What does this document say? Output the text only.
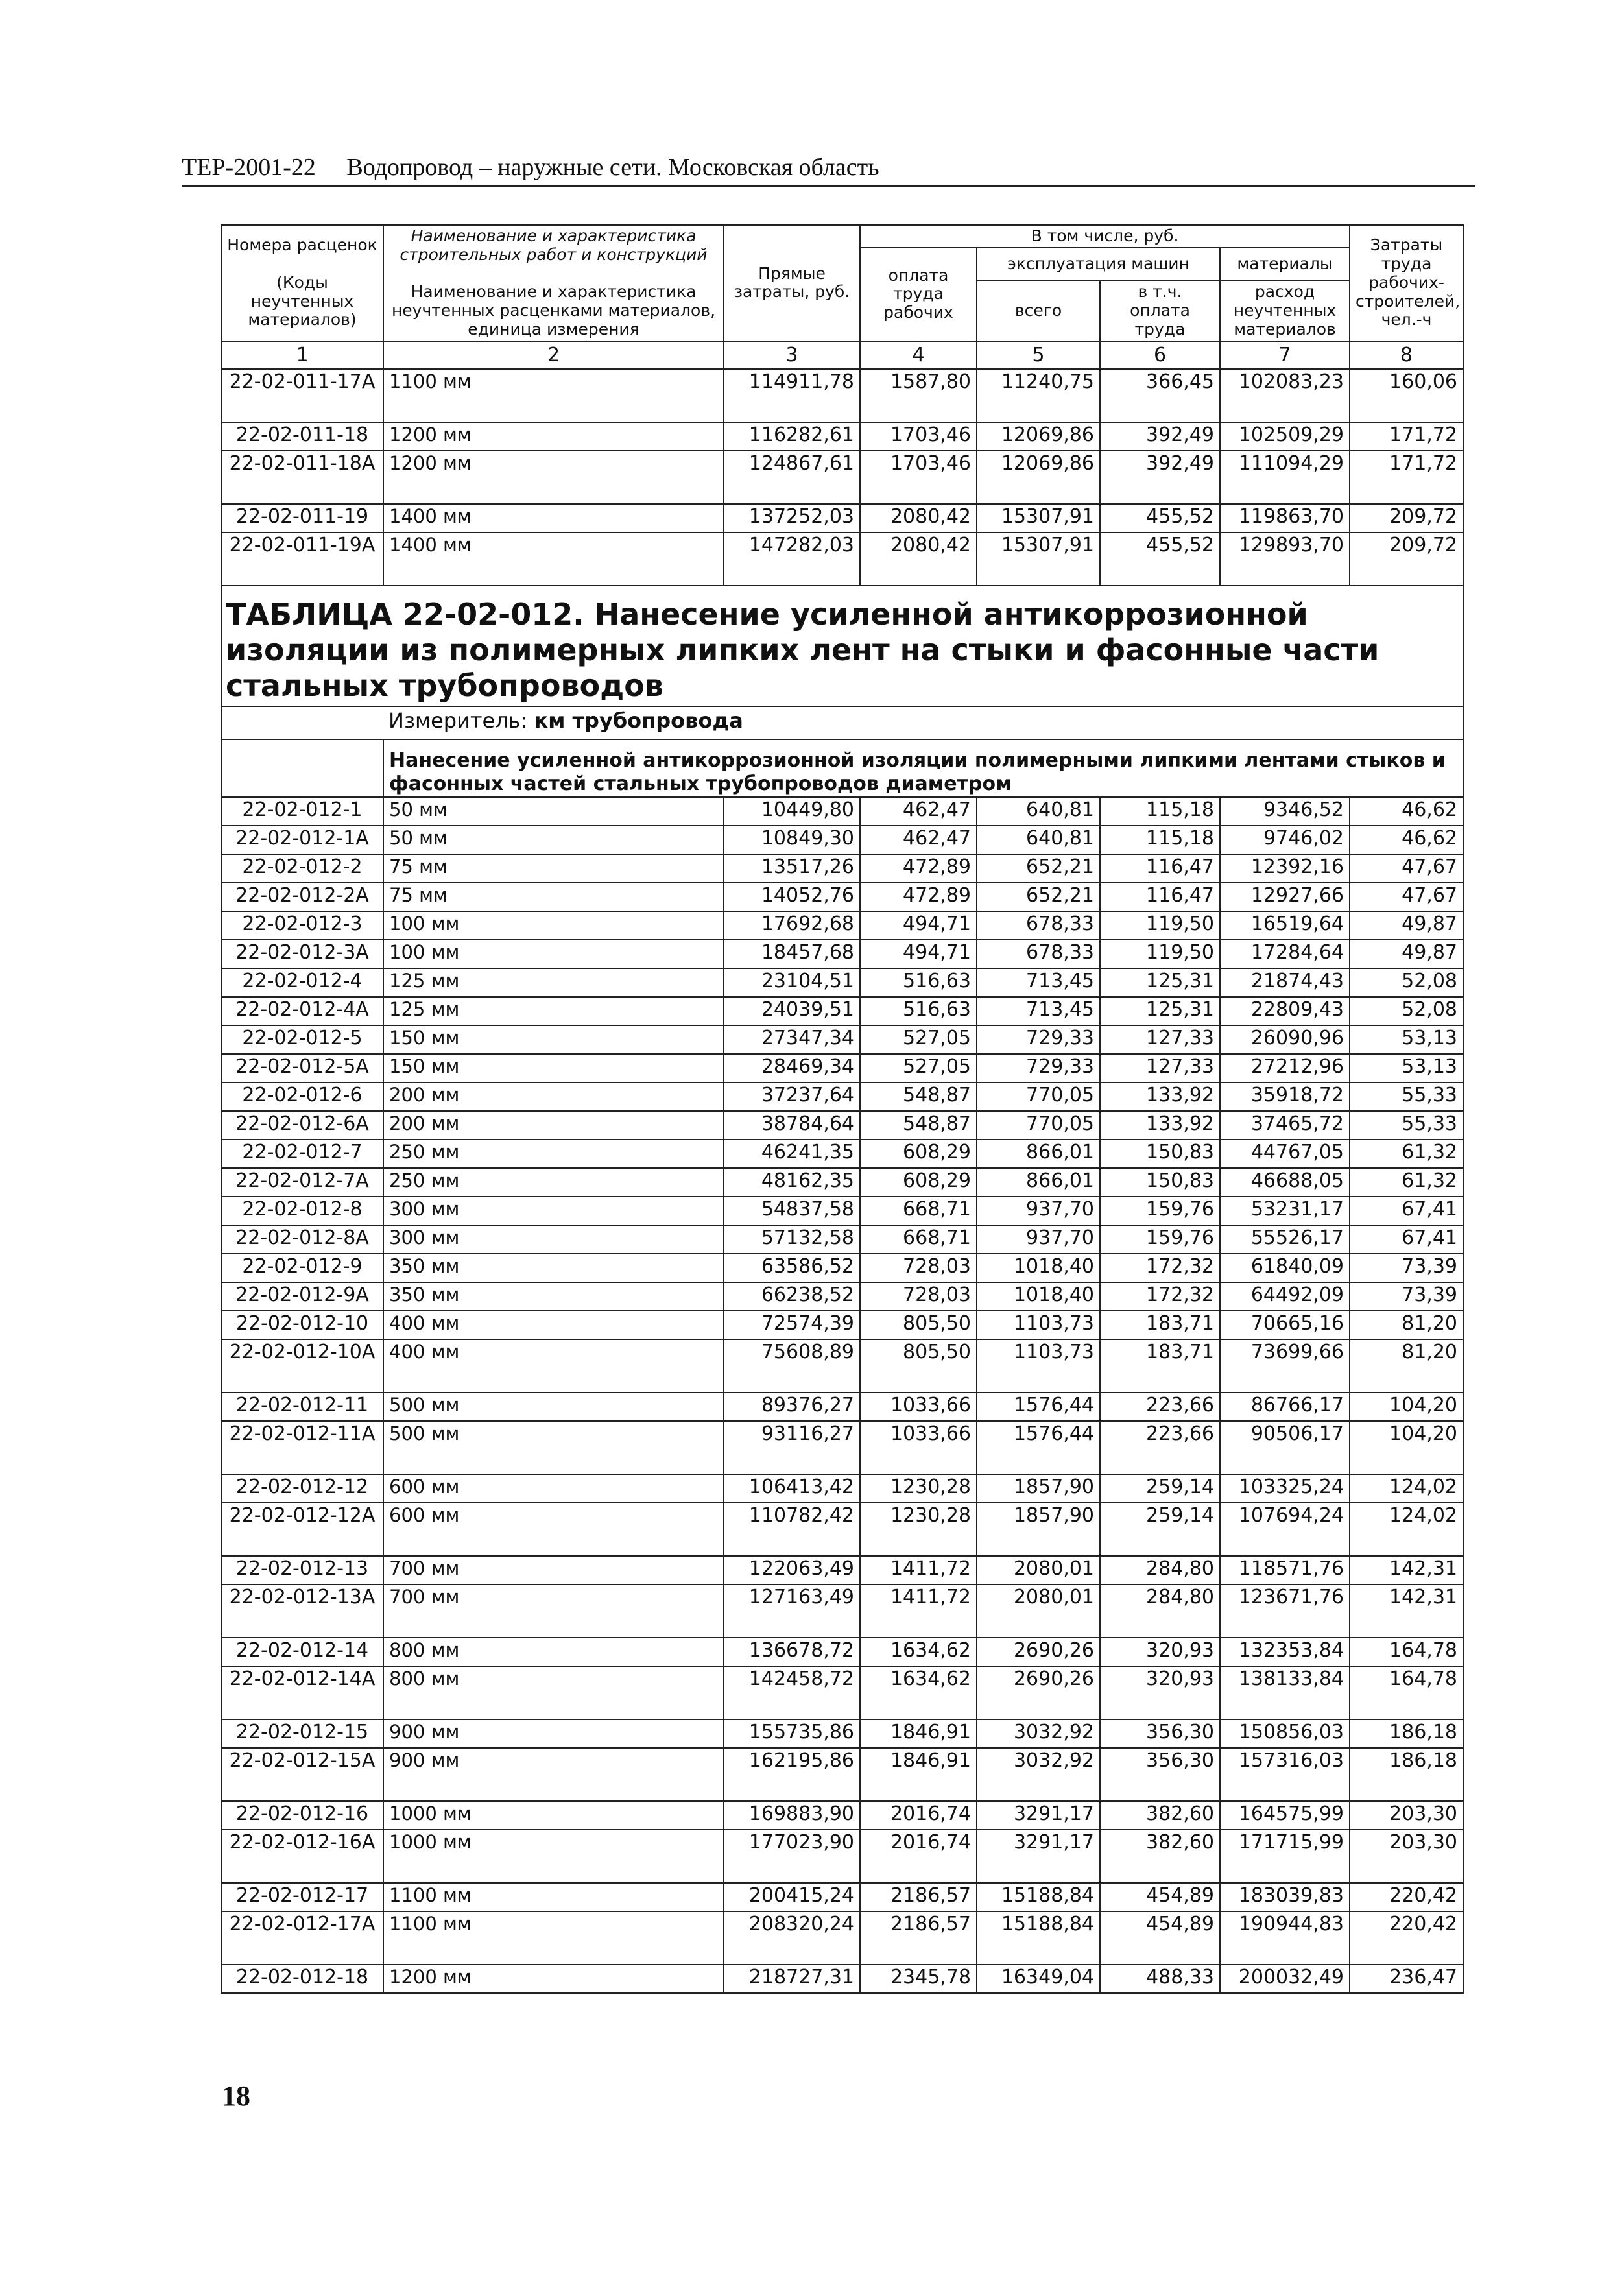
ТЕР-2001-22 Водопровод – наружные сети. Московская область
Номера расценок

(Коды неучтенных материалов)	Наименование и характеристика строительных работ и конструкций

Наименование и характеристика неучтенных расценками материалов, единица измерения	Прямые затраты, руб.	В том числе, руб.				Затраты труда рабочих-строителей, чел.-ч
			оплата труда рабочих	эксплуатация машин		материалы	
				всего	в т.ч. оплата труда	расход неучтенных материалов	
1	2	3	4	5	6	7	8
22-02-011-17А	1100 мм	114911,78	1587,80	11240,75	366,45	102083,23	160,06
22-02-011-18	1200 мм	116282,61	1703,46	12069,86	392,49	102509,29	171,72
22-02-011-18А	1200 мм	124867,61	1703,46	12069,86	392,49	111094,29	171,72
22-02-011-19	1400 мм	137252,03	2080,42	15307,91	455,52	119863,70	209,72
22-02-011-19А	1400 мм	147282,03	2080,42	15307,91	455,52	129893,70	209,72
ТАБЛИЦА 22-02-012. Нанесение усиленной антикоррозионной изоляции из полимерных липких лент на стыки и фасонные части стальных трубопроводов							
	Измеритель: км трубопровода						
	Нанесение усиленной антикоррозионной изоляции полимерными липкими лентами стыков и фасонных частей стальных трубопроводов диаметром						
22-02-012-1	50 мм	10449,80	462,47	640,81	115,18	9346,52	46,62
22-02-012-1А	50 мм	10849,30	462,47	640,81	115,18	9746,02	46,62
22-02-012-2	75 мм	13517,26	472,89	652,21	116,47	12392,16	47,67
22-02-012-2А	75 мм	14052,76	472,89	652,21	116,47	12927,66	47,67
22-02-012-3	100 мм	17692,68	494,71	678,33	119,50	16519,64	49,87
22-02-012-3А	100 мм	18457,68	494,71	678,33	119,50	17284,64	49,87
22-02-012-4	125 мм	23104,51	516,63	713,45	125,31	21874,43	52,08
22-02-012-4А	125 мм	24039,51	516,63	713,45	125,31	22809,43	52,08
22-02-012-5	150 мм	27347,34	527,05	729,33	127,33	26090,96	53,13
22-02-012-5А	150 мм	28469,34	527,05	729,33	127,33	27212,96	53,13
22-02-012-6	200 мм	37237,64	548,87	770,05	133,92	35918,72	55,33
22-02-012-6А	200 мм	38784,64	548,87	770,05	133,92	37465,72	55,33
22-02-012-7	250 мм	46241,35	608,29	866,01	150,83	44767,05	61,32
22-02-012-7А	250 мм	48162,35	608,29	866,01	150,83	46688,05	61,32
22-02-012-8	300 мм	54837,58	668,71	937,70	159,76	53231,17	67,41
22-02-012-8А	300 мм	57132,58	668,71	937,70	159,76	55526,17	67,41
22-02-012-9	350 мм	63586,52	728,03	1018,40	172,32	61840,09	73,39
22-02-012-9А	350 мм	66238,52	728,03	1018,40	172,32	64492,09	73,39
22-02-012-10	400 мм	72574,39	805,50	1103,73	183,71	70665,16	81,20
22-02-012-10А	400 мм	75608,89	805,50	1103,73	183,71	73699,66	81,20
22-02-012-11	500 мм	89376,27	1033,66	1576,44	223,66	86766,17	104,20
22-02-012-11А	500 мм	93116,27	1033,66	1576,44	223,66	90506,17	104,20
22-02-012-12	600 мм	106413,42	1230,28	1857,90	259,14	103325,24	124,02
22-02-012-12А	600 мм	110782,42	1230,28	1857,90	259,14	107694,24	124,02
22-02-012-13	700 мм	122063,49	1411,72	2080,01	284,80	118571,76	142,31
22-02-012-13А	700 мм	127163,49	1411,72	2080,01	284,80	123671,76	142,31
22-02-012-14	800 мм	136678,72	1634,62	2690,26	320,93	132353,84	164,78
22-02-012-14А	800 мм	142458,72	1634,62	2690,26	320,93	138133,84	164,78
22-02-012-15	900 мм	155735,86	1846,91	3032,92	356,30	150856,03	186,18
22-02-012-15А	900 мм	162195,86	1846,91	3032,92	356,30	157316,03	186,18
22-02-012-16	1000 мм	169883,90	2016,74	3291,17	382,60	164575,99	203,30
22-02-012-16А	1000 мм	177023,90	2016,74	3291,17	382,60	171715,99	203,30
22-02-012-17	1100 мм	200415,24	2186,57	15188,84	454,89	183039,83	220,42
22-02-012-17А	1100 мм	208320,24	2186,57	15188,84	454,89	190944,83	220,42
22-02-012-18	1200 мм	218727,31	2345,78	16349,04	488,33	200032,49	236,47
18
